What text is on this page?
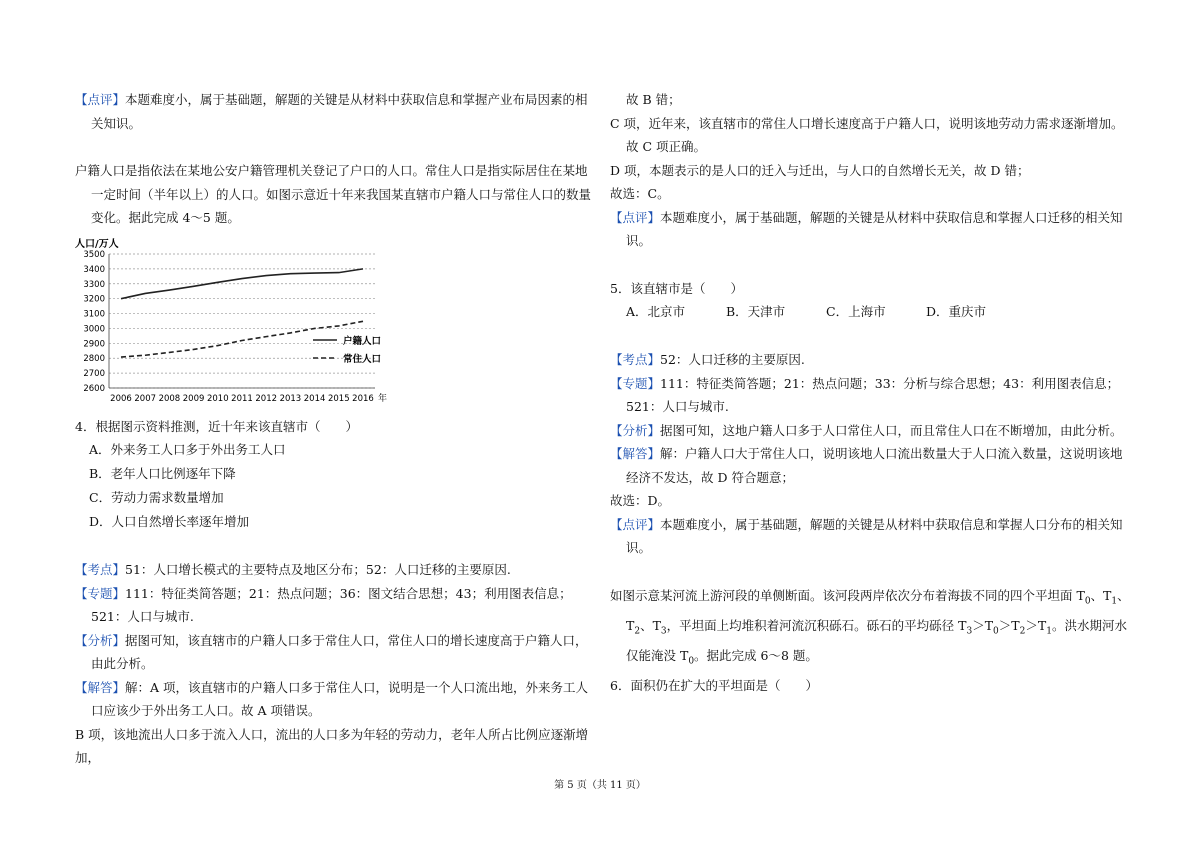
【点评】本题难度小，属于基础题，解题的关键是从材料中获取信息和掌握产业布局因素的相关知识。

户籍人口是指依法在某地公安户籍管理机关登记了户口的人口。常住人口是指实际居住在某地一定时间（半年以上）的人口。如图示意近十年来我国某直辖市户籍人口与常住人口的数量变化。据此完成 4～5 题。

人口/万人
2600
2700
2800
2900
3000
3100
3200
3300
3400
3500
2006 2007 2008 2009 2010 2011 2012 2013 2014 2015 2016 年
户籍人口
常住人口

4．根据图示资料推测，近十年来该直辖市（　　）

A．外来务工人口多于外出务工人口
B．老年人口比例逐年下降
C．劳动力需求数量增加
D．人口自然增长率逐年增加

【考点】51：人口增长模式的主要特点及地区分布；52：人口迁移的主要原因.

【专题】111：特征类简答题；21：热点问题；36：图文结合思想；43；利用图表信息；521：人口与城市.

【分析】据图可知，该直辖市的户籍人口多于常住人口，常住人口的增长速度高于户籍人口，由此分析。

【解答】解：A 项，该直辖市的户籍人口多于常住人口，说明是一个人口流出地，外来务工人口应该少于外出务工人口。故 A 项错误。

B 项，该地流出人口多于流入人口，流出的人口多为年轻的劳动力，老年人所占比例应逐渐增加，

故 B 错；

C 项，近年来，该直辖市的常住人口增长速度高于户籍人口，说明该地劳动力需求逐渐增加。故 C 项正确。

D 项，本题表示的是人口的迁入与迁出，与人口的自然增长无关，故 D 错；

故选：C。

【点评】本题难度小，属于基础题，解题的关键是从材料中获取信息和掌握人口迁移的相关知识。

5．该直辖市是（　　）

A．北京市	B．天津市	C．上海市	D．重庆市

【考点】52：人口迁移的主要原因.

【专题】111：特征类简答题；21：热点问题；33：分析与综合思想；43：利用图表信息；521：人口与城市.

【分析】据图可知，这地户籍人口多于人口常住人口，而且常住人口在不断增加，由此分析。

【解答】解：户籍人口大于常住人口，说明该地人口流出数量大于人口流入数量，这说明该地经济不发达，故 D 符合题意；

故选：D。

【点评】本题难度小，属于基础题，解题的关键是从材料中获取信息和掌握人口分布的相关知识。

如图示意某河流上游河段的单侧断面。该河段两岸依次分布着海拔不同的四个平坦面 $T_0$、$T_1$、$T_2$、$T_3$，平坦面上均堆积着河流沉积砾石。砾石的平均砾径 $T_3>T_0>T_2>T_1$。洪水期河水仅能淹没 $T_0$。据此完成 6～8 题。

6．面积仍在扩大的平坦面是（　　）

第 5 页（共 11 页）
